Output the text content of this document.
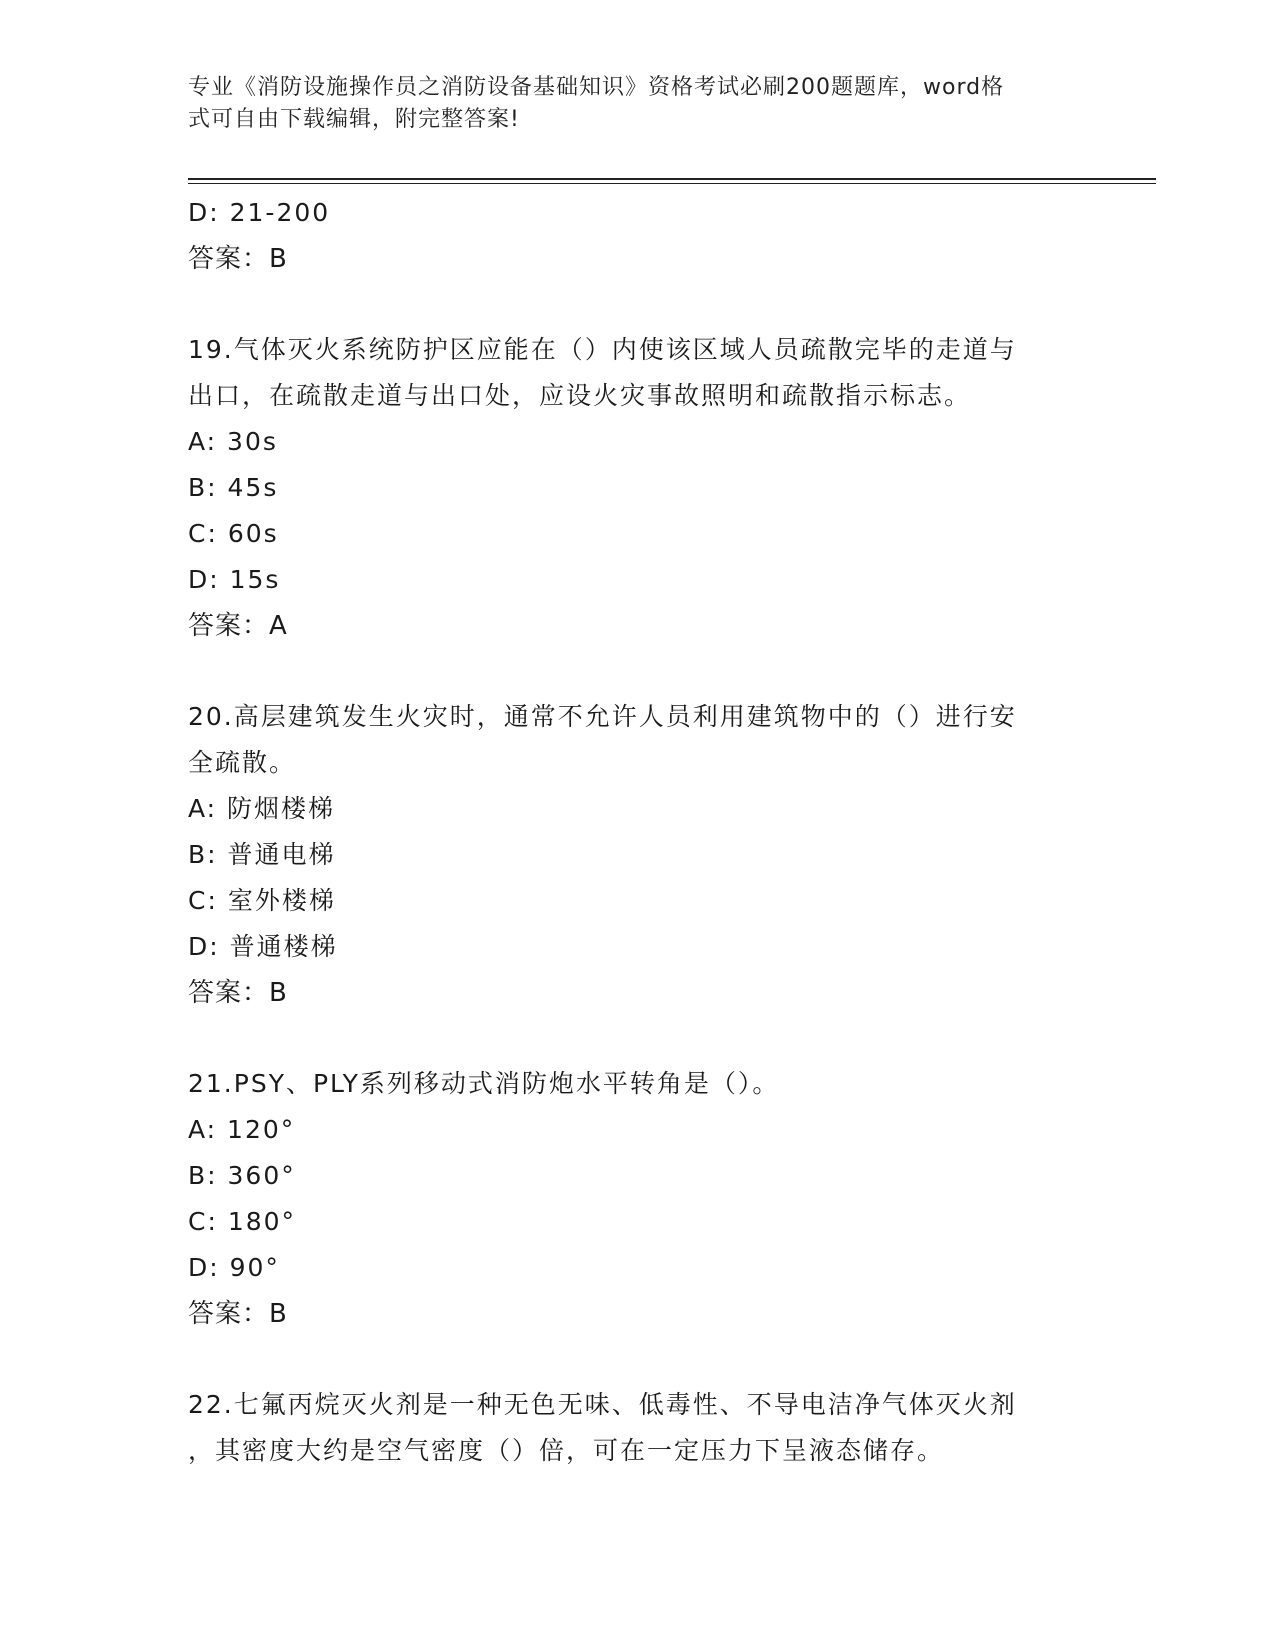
专业《消防设施操作员之消防设备基础知识》资格考试必刷200题题库，word格
式可自由下载编辑，附完整答案!
D: 21-200
答案：B
19.气体灭火系统防护区应能在（）内使该区域人员疏散完毕的走道与
出口，在疏散走道与出口处，应设火灾事故照明和疏散指示标志。
A: 30s
B: 45s
C: 60s
D: 15s
答案：A
20.高层建筑发生火灾时，通常不允许人员利用建筑物中的（）进行安
全疏散。
A: 防烟楼梯
B: 普通电梯
C: 室外楼梯
D: 普通楼梯
答案：B
21.PSY、PLY系列移动式消防炮水平转角是（）。
A: 120°
B: 360°
C: 180°
D: 90°
答案：B
22.七氟丙烷灭火剂是一种无色无味、低毒性、不导电洁净气体灭火剂
，其密度大约是空气密度（）倍，可在一定压力下呈液态储存。
